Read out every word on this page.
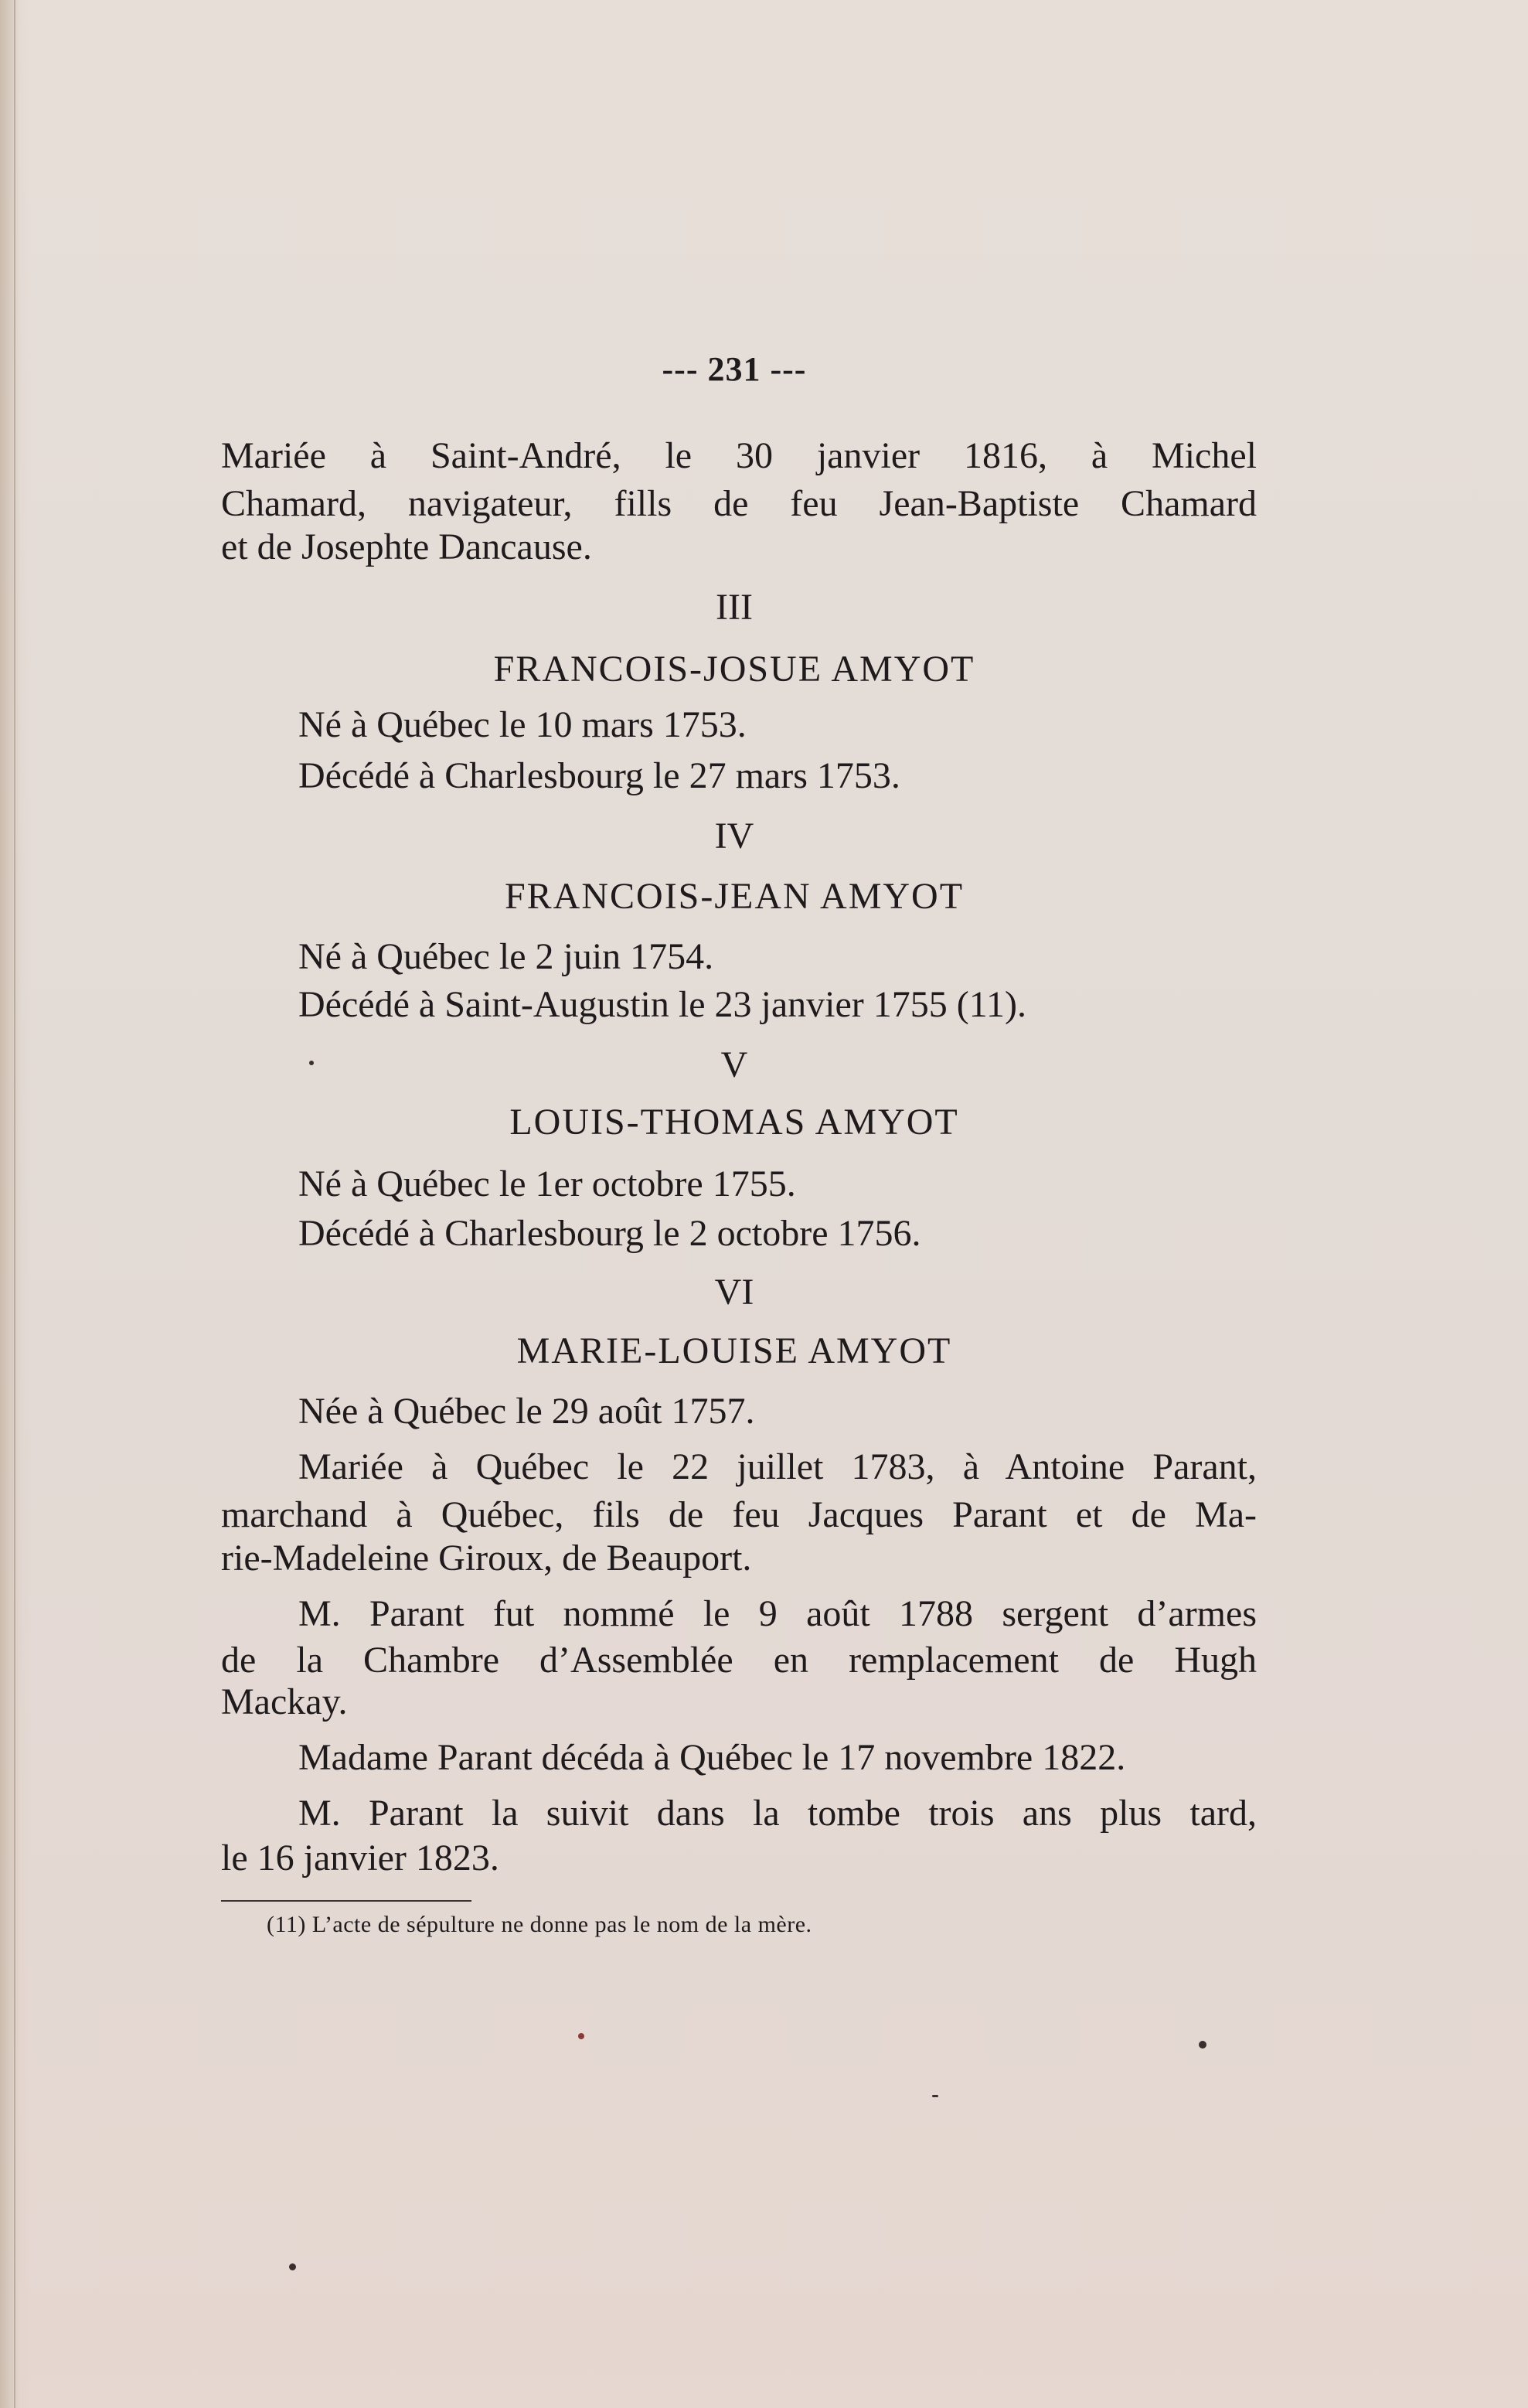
--- 231 ---
Mariée à Saint-André, le 30 janvier 1816, à Michel
Chamard, navigateur, fills de feu Jean-Baptiste Chamard
et de Josephte Dancause.
III
FRANCOIS-JOSUE AMYOT
Né à Québec le 10 mars 1753.
Décédé à Charlesbourg le 27 mars 1753.
IV
FRANCOIS-JEAN AMYOT
Né à Québec le 2 juin 1754.
Décédé à Saint-Augustin le 23 janvier 1755 (11).
V
LOUIS-THOMAS AMYOT
Né à Québec le 1er octobre 1755.
Décédé à Charlesbourg le 2 octobre 1756.
VI
MARIE-LOUISE AMYOT
Née à Québec le 29 août 1757.
Mariée à Québec le 22 juillet 1783, à Antoine Parant,
marchand à Québec, fils de feu Jacques Parant et de Ma-
rie-Madeleine Giroux, de Beauport.
M. Parant fut nommé le 9 août 1788 sergent d’armes
de la Chambre d’Assemblée en remplacement de Hugh
Mackay.
Madame Parant décéda à Québec le 17 novembre 1822.
M. Parant la suivit dans la tombe trois ans plus tard,
le 16 janvier 1823.
(11) L’acte de sépulture ne donne pas le nom de la mère.
